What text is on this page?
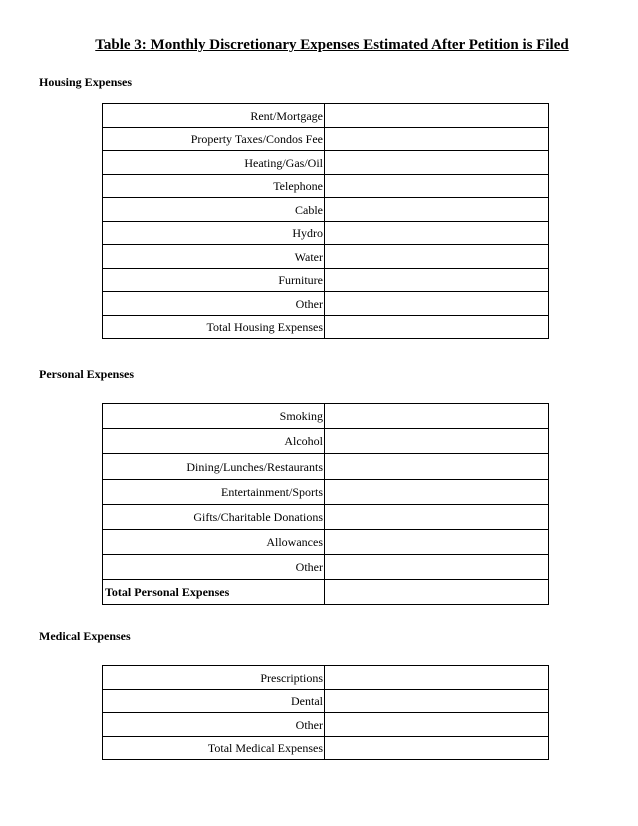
Table 3: Monthly Discretionary Expenses Estimated After Petition is Filed
Housing Expenses
Rent/Mortgage	
Property Taxes/Condos Fee	
Heating/Gas/Oil	
Telephone	
Cable	
Hydro	
Water	
Furniture	
Other	
Total Housing Expenses	
Personal Expenses
Smoking	
Alcohol	
Dining/Lunches/Restaurants	
Entertainment/Sports	
Gifts/Charitable Donations	
Allowances	
Other	
Total Personal Expenses	
Medical Expenses
Prescriptions	
Dental	
Other	
Total Medical Expenses	
